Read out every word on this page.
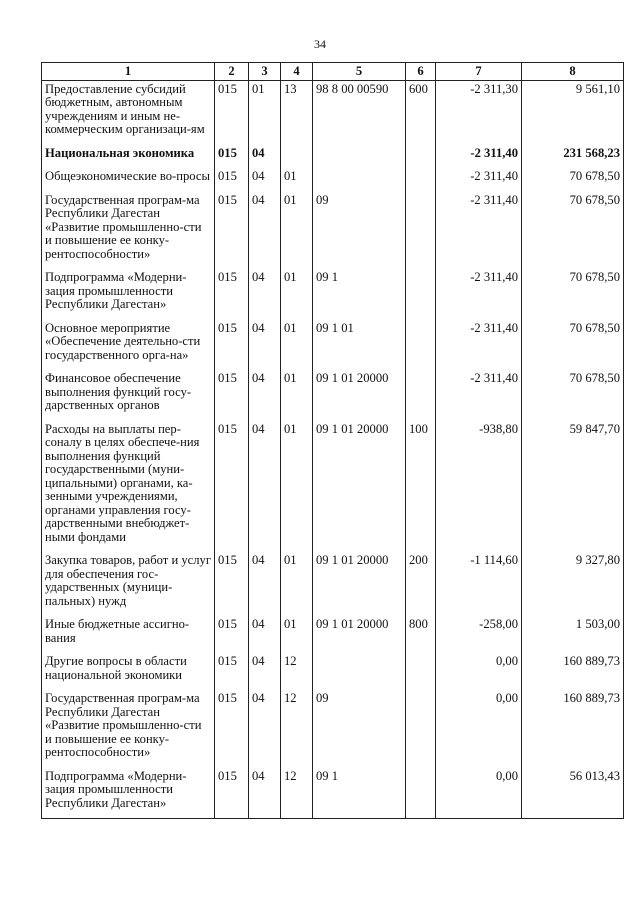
34
1	2	3	4	5	6	7	8
Предоставление субсидий бюджетным, автономным учреждениям и иным не-коммерческим организаци-ям	015	01	13	98 8 00 00590	600	-2 311,30	9 561,10
Национальная экономика	015	04				-2 311,40	231 568,23
Общеэкономические во-просы	015	04	01			-2 311,40	70 678,50
Государственная програм-ма Республики Дагестан «Развитие промышленно-сти и повышение ее конку-рентоспособности»	015	04	01	09		-2 311,40	70 678,50
Подпрограмма «Модерни-зация промышленности Республики Дагестан»	015	04	01	09 1		-2 311,40	70 678,50
Основное мероприятие «Обеспечение деятельно-сти государственного орга-на»	015	04	01	09 1 01		-2 311,40	70 678,50
Финансовое обеспечение выполнения функций госу-дарственных органов	015	04	01	09 1 01 20000		-2 311,40	70 678,50
Расходы на выплаты пер-соналу в целях обеспече-ния выполнения функций государственными (муни-ципальными) органами, ка-зенными учреждениями, органами управления госу-дарственными внебюджет-ными фондами	015	04	01	09 1 01 20000	100	-938,80	59 847,70
Закупка товаров, работ и услуг для обеспечения гос-ударственных (муници-пальных) нужд	015	04	01	09 1 01 20000	200	-1 114,60	9 327,80
Иные бюджетные ассигно-вания	015	04	01	09 1 01 20000	800	-258,00	1 503,00
Другие вопросы в области национальной экономики	015	04	12			0,00	160 889,73
Государственная програм-ма Республики Дагестан «Развитие промышленно-сти и повышение ее конку-рентоспособности»	015	04	12	09		0,00	160 889,73
Подпрограмма «Модерни-зация промышленности Республики Дагестан»	015	04	12	09 1		0,00	56 013,43
